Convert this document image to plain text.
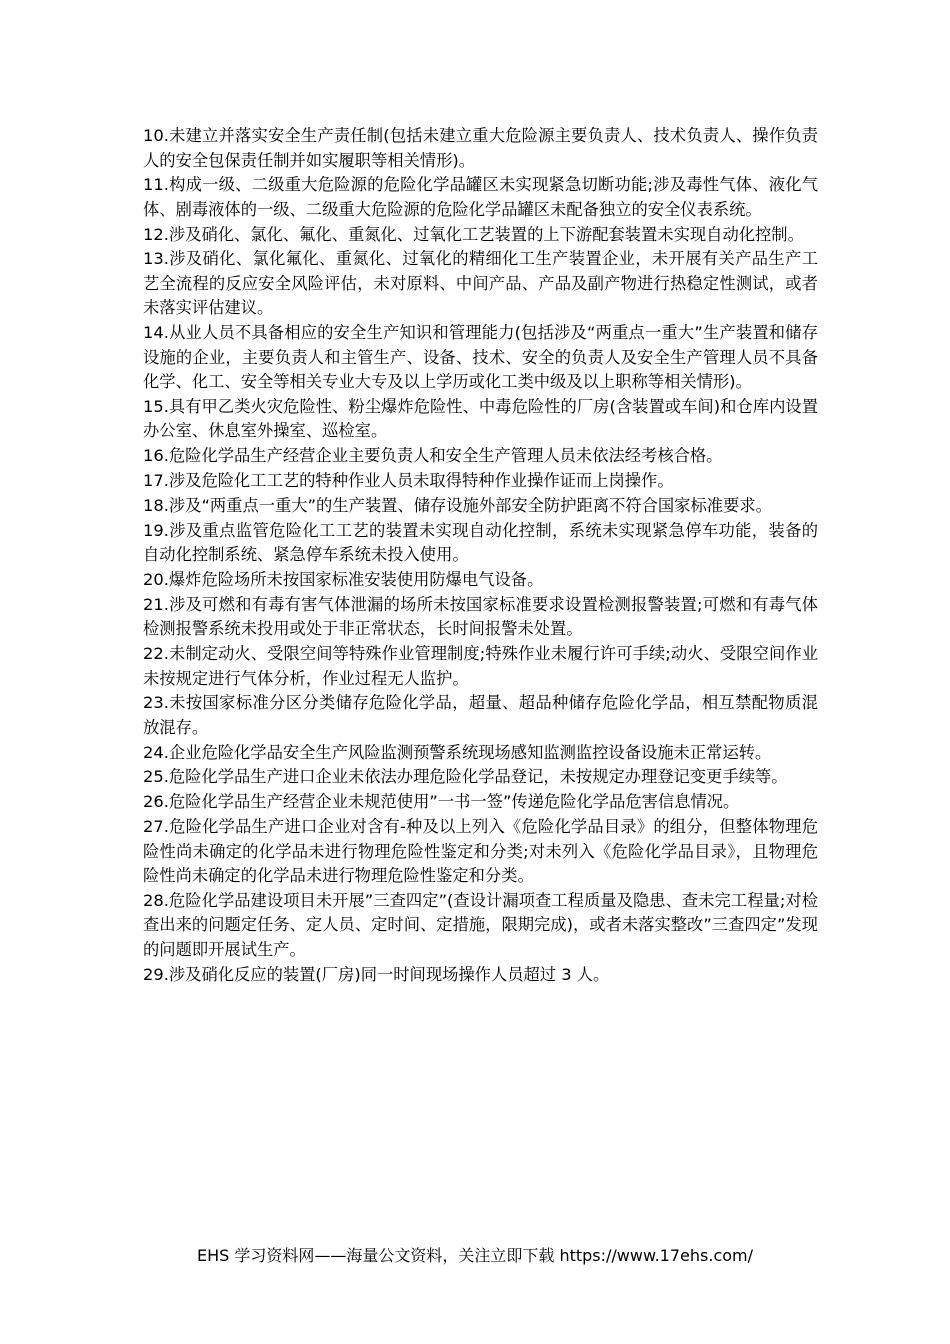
10.未建立并落实安全生产责任制(包括未建立重大危险源主要负责人、技术负责人、操作负责人的安全包保责任制并如实履职等相关情形)。

11.构成一级、二级重大危险源的危险化学品罐区未实现紧急切断功能;涉及毒性气体、液化气体、剧毒液体的一级、二级重大危险源的危险化学品罐区未配备独立的安全仪表系统。

12.涉及硝化、氯化、氟化、重氮化、过氧化工艺装置的上下游配套装置未实现自动化控制。

13.涉及硝化、氯化氟化、重氮化、过氧化的精细化工生产装置企业，未开展有关产品生产工艺全流程的反应安全风险评估，未对原料、中间产品、产品及副产物进行热稳定性测试，或者未落实评估建议。

14.从业人员不具备相应的安全生产知识和管理能力(包括涉及“两重点一重大”生产装置和储存设施的企业，主要负责人和主管生产、设备、技术、安全的负责人及安全生产管理人员不具备化学、化工、安全等相关专业大专及以上学历或化工类中级及以上职称等相关情形)。

15.具有甲乙类火灾危险性、粉尘爆炸危险性、中毒危险性的厂房(含装置或车间)和仓库内设置办公室、休息室外操室、巡检室。

16.危险化学品生产经营企业主要负责人和安全生产管理人员未依法经考核合格。

17.涉及危险化工工艺的特种作业人员未取得特种作业操作证而上岗操作。

18.涉及“两重点一重大”的生产装置、储存设施外部安全防护距离不符合国家标准要求。

19.涉及重点监管危险化工工艺的装置未实现自动化控制，系统未实现紧急停车功能，装备的自动化控制系统、紧急停车系统未投入使用。

20.爆炸危险场所未按国家标准安装使用防爆电气设备。

21.涉及可燃和有毒有害气体泄漏的场所未按国家标准要求设置检测报警装置;可燃和有毒气体检测报警系统未投用或处于非正常状态，长时间报警未处置。

22.未制定动火、受限空间等特殊作业管理制度;特殊作业未履行许可手续;动火、受限空间作业未按规定进行气体分析，作业过程无人监护。

23.未按国家标准分区分类储存危险化学品，超量、超品种储存危险化学品，相互禁配物质混放混存。

24.企业危险化学品安全生产风险监测预警系统现场感知监测监控设备设施未正常运转。

25.危险化学品生产进口企业未依法办理危险化学品登记，未按规定办理登记变更手续等。

26.危险化学品生产经营企业未规范使用”一书一签”传递危险化学品危害信息情况。

27.危险化学品生产进口企业对含有-种及以上列入《危险化学品目录》的组分，但整体物理危险性尚未确定的化学品未进行物理危险性鉴定和分类;对未列入《危险化学品目录》，且物理危险性尚未确定的化学品未进行物理危险性鉴定和分类。

28.危险化学品建设项目未开展”三查四定”(查设计漏项查工程质量及隐患、查未完工程量;对检查出来的问题定任务、定人员、定时间、定措施，限期完成)，或者未落实整改”三查四定”发现的问题即开展试生产。

29.涉及硝化反应的装置(厂房)同一时间现场操作人员超过 3 人。

EHS 学习资料网——海量公文资料，关注立即下载 https://www.17ehs.com/
